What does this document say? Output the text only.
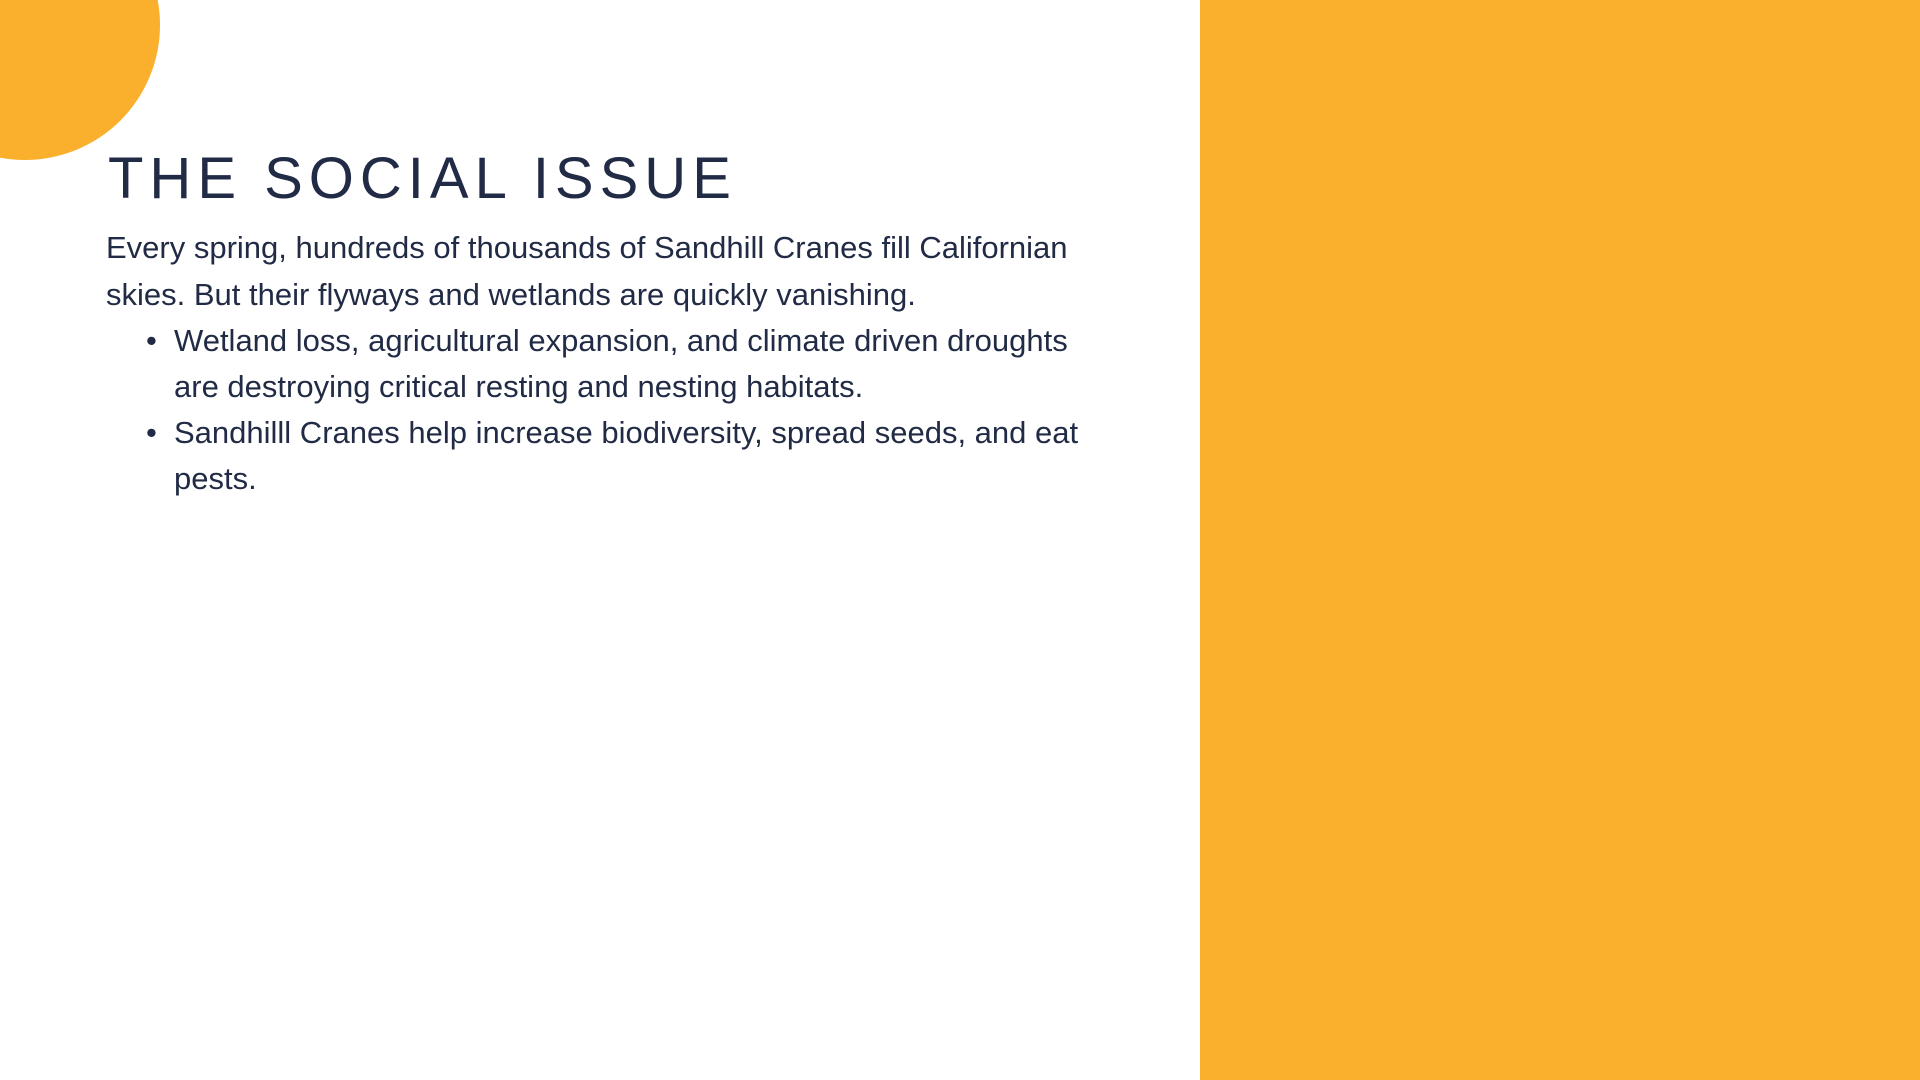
THE SOCIAL ISSUE

Every spring, hundreds of thousands of Sandhill Cranes fill Californian skies. But their flyways and wetlands are quickly vanishing.

• Wetland loss, agricultural expansion, and climate driven droughts are destroying critical resting and nesting habitats.
• Sandhilll Cranes help increase biodiversity, spread seeds, and eat pests.
